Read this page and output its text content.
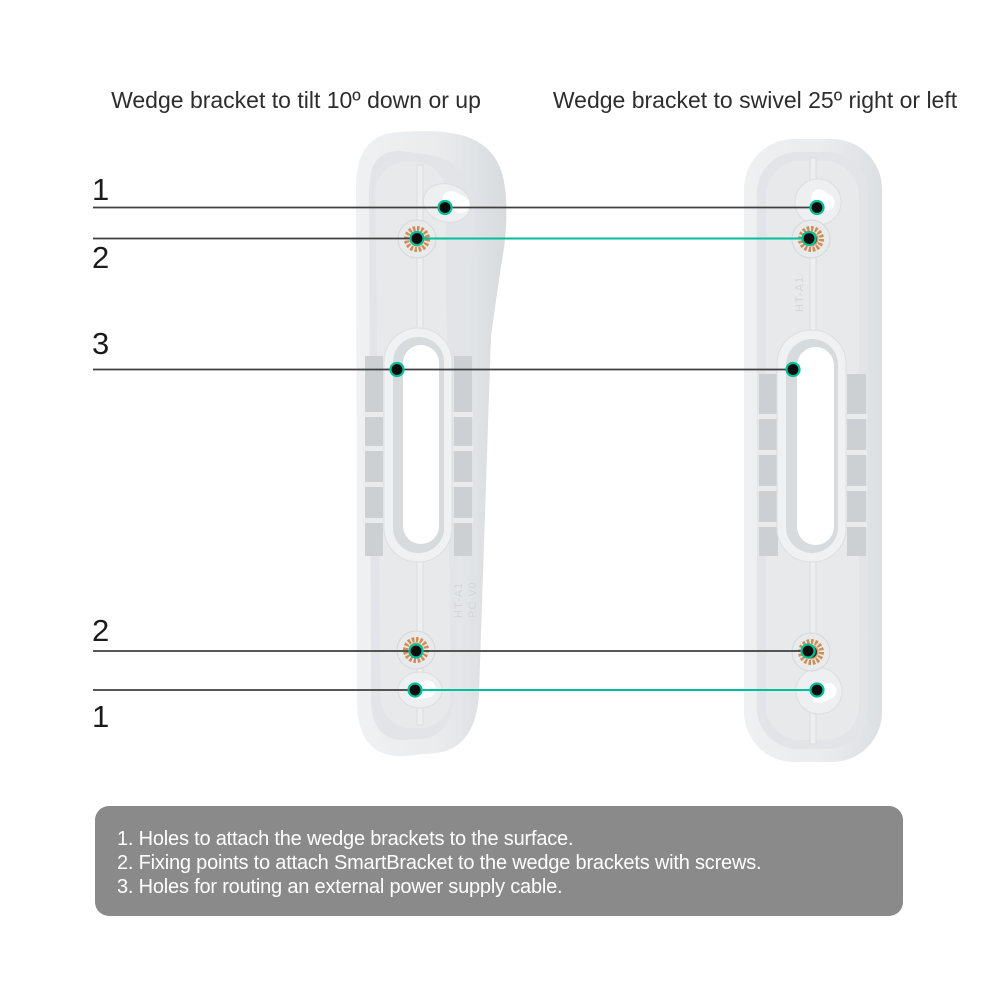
Wedge bracket to tilt 10º down or up	Wedge bracket to swivel 25º right or left
HT-A1 PC V0
HT-A1
1
2
3
2
1

1. Holes to attach the wedge brackets to the surface.

2. Fixing points to attach SmartBracket to the wedge brackets with screws.

3. Holes for routing an external power supply cable.
